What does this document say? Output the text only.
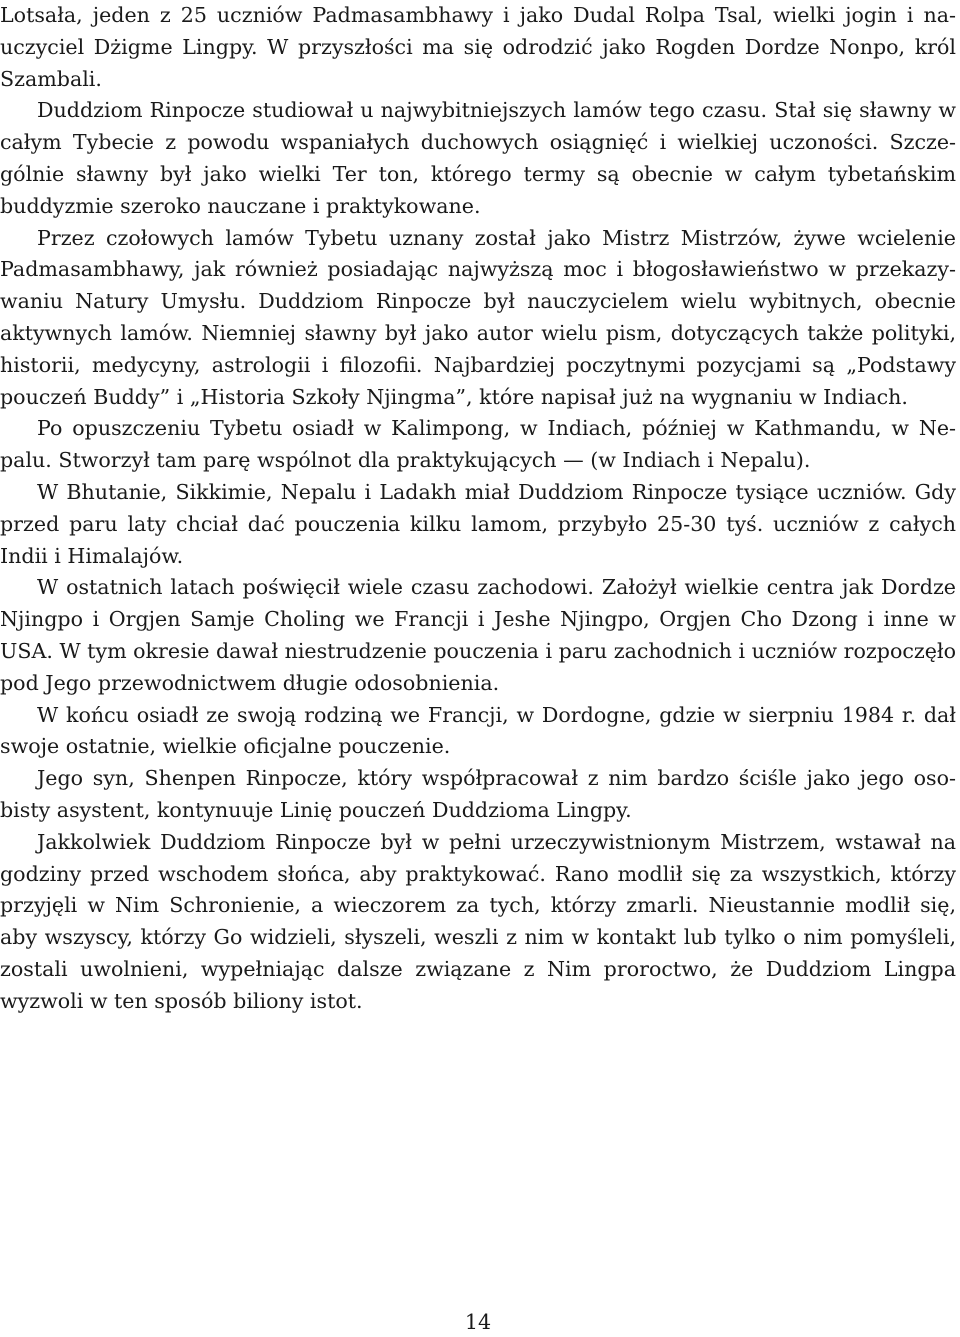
Lotsała, jeden z 25 uczniów Padmasambhawy i jako Dudal Rolpa Tsal, wielki jogin i nauczyciel Dżigme Lingpy. W przyszłości ma się odrodzić jako Rogden Dordze Nonpo, król Szambali.

Duddziom Rinpocze studiował u najwybitniejszych lamów tego czasu. Stał się sławny w całym Tybecie z powodu wspaniałych duchowych osiągnięć i wielkiej uczoności. Szczególnie sławny był jako wielki Ter ton, którego termy są obecnie w całym tybetańskim buddyzmie szeroko nauczane i praktykowane.

Przez czołowych lamów Tybetu uznany został jako Mistrz Mistrzów, żywe wcielenie Padmasambhawy, jak również posiadając najwyższą moc i błogosławieństwo w przekazywaniu Natury Umysłu. Duddziom Rinpocze był nauczycielem wielu wybitnych, obecnie aktywnych lamów. Niemniej sławny był jako autor wielu pism, dotyczących także polityki, historii, medycyny, astrologii i filozofii. Najbardziej poczytnymi pozycjami są „Podstawy pouczeń Buddy” i „Historia Szkoły Njingma”, które napisał już na wygnaniu w Indiach.

Po opuszczeniu Tybetu osiadł w Kalimpong, w Indiach, później w Kathmandu, w Nepalu. Stworzył tam parę wspólnot dla praktykujących — (w Indiach i Nepalu).

W Bhutanie, Sikkimie, Nepalu i Ladakh miał Duddziom Rinpocze tysiące uczniów. Gdy przed paru laty chciał dać pouczenia kilku lamom, przybyło 25-30 tyś. uczniów z całych Indii i Himalajów.

W ostatnich latach poświęcił wiele czasu zachodowi. Założył wielkie centra jak Dordze Njingpo i Orgjen Samje Choling we Francji i Jeshe Njingpo, Orgjen Cho Dzong i inne w USA. W tym okresie dawał niestrudzenie pouczenia i paru zachodnich i uczniów rozpoczęło pod Jego przewodnictwem długie odosobnienia.

W końcu osiadł ze swoją rodziną we Francji, w Dordogne, gdzie w sierpniu 1984 r. dał swoje ostatnie, wielkie oficjalne pouczenie.

Jego syn, Shenpen Rinpocze, który współpracował z nim bardzo ściśle jako jego osobisty asystent, kontynuuje Linię pouczeń Duddzioma Lingpy.

Jakkolwiek Duddziom Rinpocze był w pełni urzeczywistnionym Mistrzem, wstawał na godziny przed wschodem słońca, aby praktykować. Rano modlił się za wszystkich, którzy przyjęli w Nim Schronienie, a wieczorem za tych, którzy zmarli. Nieustannie modlił się, aby wszyscy, którzy Go widzieli, słyszeli, weszli z nim w kontakt lub tylko o nim pomyśleli, zostali uwolnieni, wypełniając dalsze związane z Nim proroctwo, że Duddziom Lingpa wyzwoli w ten sposób biliony istot.

14
